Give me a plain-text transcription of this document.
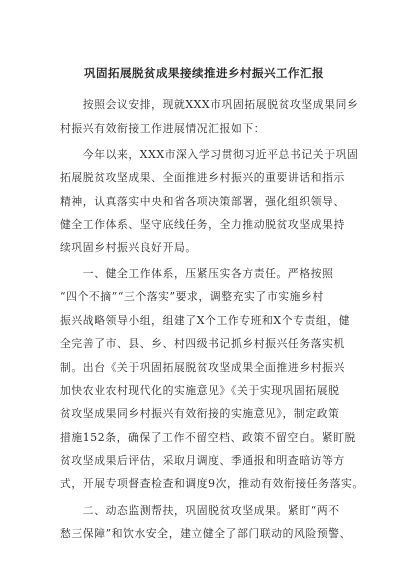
巩固拓展脱贫成果接续推进乡村振兴工作汇报
　　按照会议安排，现就XXX市巩固拓展脱贫攻坚成果同乡
村振兴有效衔接工作进展情况汇报如下：
　　今年以来，XXX市深入学习贯彻习近平总书记关于巩固
拓展脱贫攻坚成果、全面推进乡村振兴的重要讲话和指示
精神，认真落实中央和省各项决策部署，强化组织领导、
健全工作体系、坚守底线任务，全力推动脱贫攻坚成果持
续巩固乡村振兴良好开局。
　　一、健全工作体系，压紧压实各方责任。严格按照
“四个不摘”“三个落实”要求，调整充实了市实施乡村
振兴战略领导小组，组建了X个工作专班和X个专责组，健
全完善了市、县、乡、村四级书记抓乡村振兴任务落实机
制。出台《关于巩固拓展脱贫攻坚成果全面推进乡村振兴
加快农业农村现代化的实施意见》《关于实现巩固拓展脱
贫攻坚成果同乡村振兴有效衔接的实施意见》，制定政策
措施152条，确保了工作不留空档、政策不留空白。紧盯脱
贫攻坚成果后评估，采取月调度、季通报和明查暗访等方
式，开展专项督查检查和调度9次，推动有效衔接任务落实。
　　二、动态监测帮扶，巩固脱贫攻坚成果。紧盯“两不
愁三保障”和饮水安全，建立健全了部门联动的风险预警、
